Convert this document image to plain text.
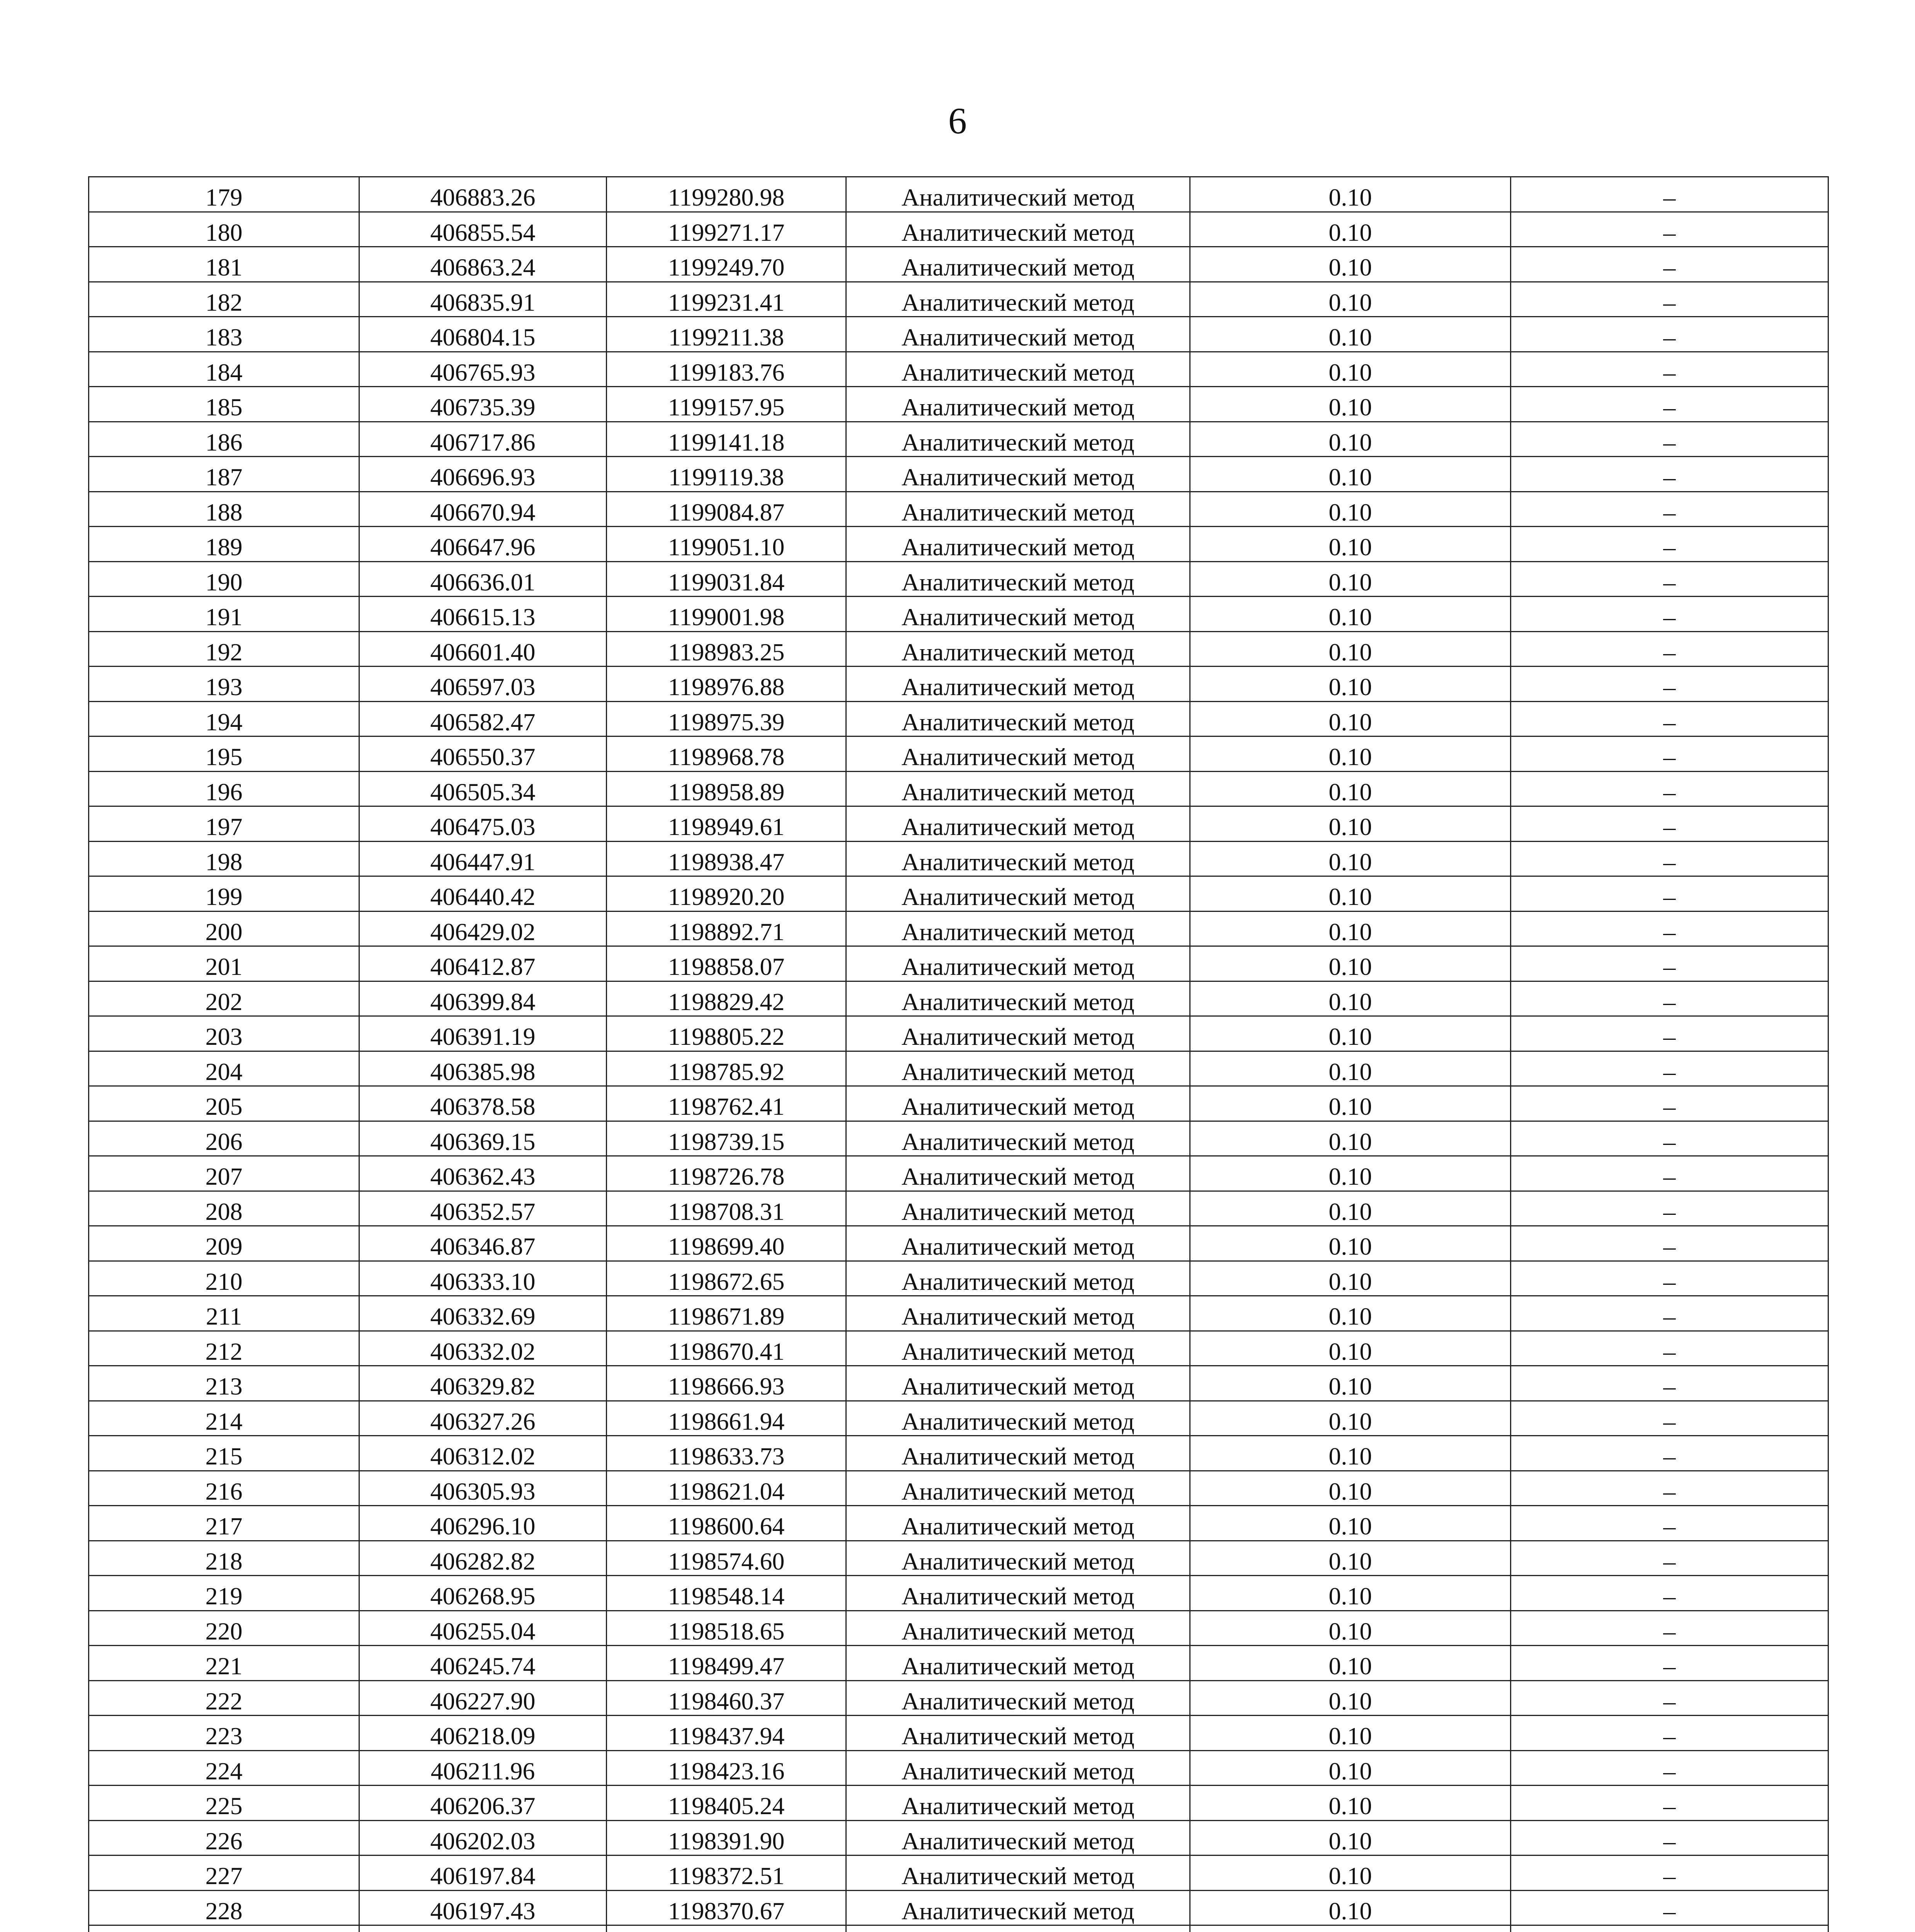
6
179	406883.26	1199280.98	Аналитический метод	0.10	–
180	406855.54	1199271.17	Аналитический метод	0.10	–
181	406863.24	1199249.70	Аналитический метод	0.10	–
182	406835.91	1199231.41	Аналитический метод	0.10	–
183	406804.15	1199211.38	Аналитический метод	0.10	–
184	406765.93	1199183.76	Аналитический метод	0.10	–
185	406735.39	1199157.95	Аналитический метод	0.10	–
186	406717.86	1199141.18	Аналитический метод	0.10	–
187	406696.93	1199119.38	Аналитический метод	0.10	–
188	406670.94	1199084.87	Аналитический метод	0.10	–
189	406647.96	1199051.10	Аналитический метод	0.10	–
190	406636.01	1199031.84	Аналитический метод	0.10	–
191	406615.13	1199001.98	Аналитический метод	0.10	–
192	406601.40	1198983.25	Аналитический метод	0.10	–
193	406597.03	1198976.88	Аналитический метод	0.10	–
194	406582.47	1198975.39	Аналитический метод	0.10	–
195	406550.37	1198968.78	Аналитический метод	0.10	–
196	406505.34	1198958.89	Аналитический метод	0.10	–
197	406475.03	1198949.61	Аналитический метод	0.10	–
198	406447.91	1198938.47	Аналитический метод	0.10	–
199	406440.42	1198920.20	Аналитический метод	0.10	–
200	406429.02	1198892.71	Аналитический метод	0.10	–
201	406412.87	1198858.07	Аналитический метод	0.10	–
202	406399.84	1198829.42	Аналитический метод	0.10	–
203	406391.19	1198805.22	Аналитический метод	0.10	–
204	406385.98	1198785.92	Аналитический метод	0.10	–
205	406378.58	1198762.41	Аналитический метод	0.10	–
206	406369.15	1198739.15	Аналитический метод	0.10	–
207	406362.43	1198726.78	Аналитический метод	0.10	–
208	406352.57	1198708.31	Аналитический метод	0.10	–
209	406346.87	1198699.40	Аналитический метод	0.10	–
210	406333.10	1198672.65	Аналитический метод	0.10	–
211	406332.69	1198671.89	Аналитический метод	0.10	–
212	406332.02	1198670.41	Аналитический метод	0.10	–
213	406329.82	1198666.93	Аналитический метод	0.10	–
214	406327.26	1198661.94	Аналитический метод	0.10	–
215	406312.02	1198633.73	Аналитический метод	0.10	–
216	406305.93	1198621.04	Аналитический метод	0.10	–
217	406296.10	1198600.64	Аналитический метод	0.10	–
218	406282.82	1198574.60	Аналитический метод	0.10	–
219	406268.95	1198548.14	Аналитический метод	0.10	–
220	406255.04	1198518.65	Аналитический метод	0.10	–
221	406245.74	1198499.47	Аналитический метод	0.10	–
222	406227.90	1198460.37	Аналитический метод	0.10	–
223	406218.09	1198437.94	Аналитический метод	0.10	–
224	406211.96	1198423.16	Аналитический метод	0.10	–
225	406206.37	1198405.24	Аналитический метод	0.10	–
226	406202.03	1198391.90	Аналитический метод	0.10	–
227	406197.84	1198372.51	Аналитический метод	0.10	–
228	406197.43	1198370.67	Аналитический метод	0.10	–
